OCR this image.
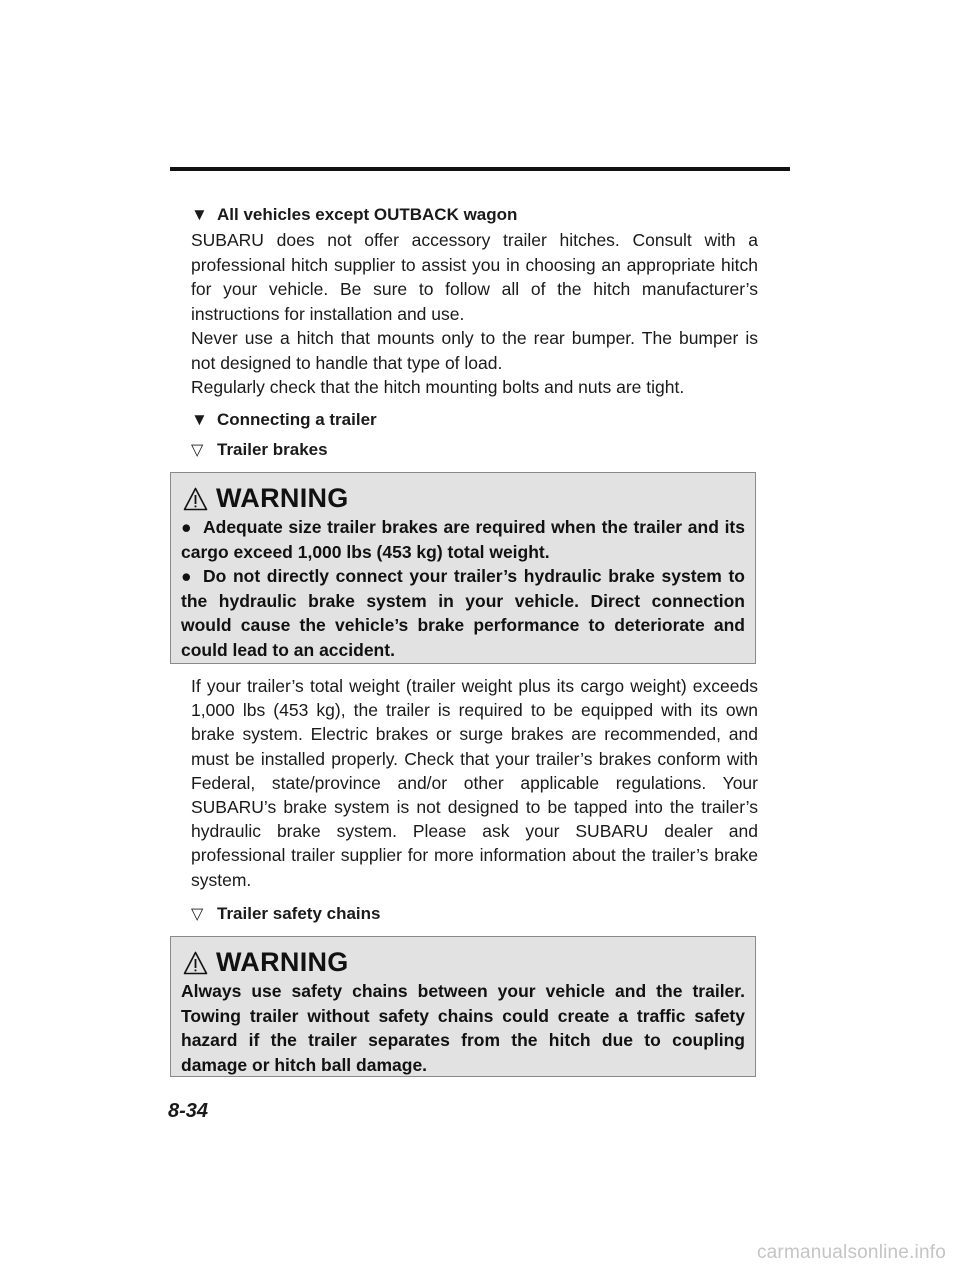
▼ All vehicles except OUTBACK wagon
SUBARU does not offer accessory trailer hitches. Consult with a professional hitch supplier to assist you in choosing an appropriate hitch for your vehicle. Be sure to follow all of the hitch manufacturer’s instructions for installation and use.
Never use a hitch that mounts only to the rear bumper. The bumper is not designed to handle that type of load.
Regularly check that the hitch mounting bolts and nuts are tight.
▼ Connecting a trailer
▽ Trailer brakes
WARNING
● Adequate size trailer brakes are required when the trailer and its cargo exceed 1,000 lbs (453 kg) total weight.
● Do not directly connect your trailer’s hydraulic brake system to the hydraulic brake system in your vehicle. Direct connection would cause the vehicle’s brake performance to deteriorate and could lead to an accident.
If your trailer’s total weight (trailer weight plus its cargo weight) exceeds 1,000 lbs (453 kg), the trailer is required to be equipped with its own brake system. Electric brakes or surge brakes are recommended, and must be installed properly. Check that your trailer’s brakes conform with Federal, state/province and/or other applicable regulations. Your SUBARU’s brake system is not designed to be tapped into the trailer’s hydraulic brake system. Please ask your SUBARU dealer and professional trailer supplier for more information about the trailer’s brake system.
▽ Trailer safety chains
WARNING
Always use safety chains between your vehicle and the trailer. Towing trailer without safety chains could create a traffic safety hazard if the trailer separates from the hitch due to coupling damage or hitch ball damage.
8-34
carmanualsonline.info
